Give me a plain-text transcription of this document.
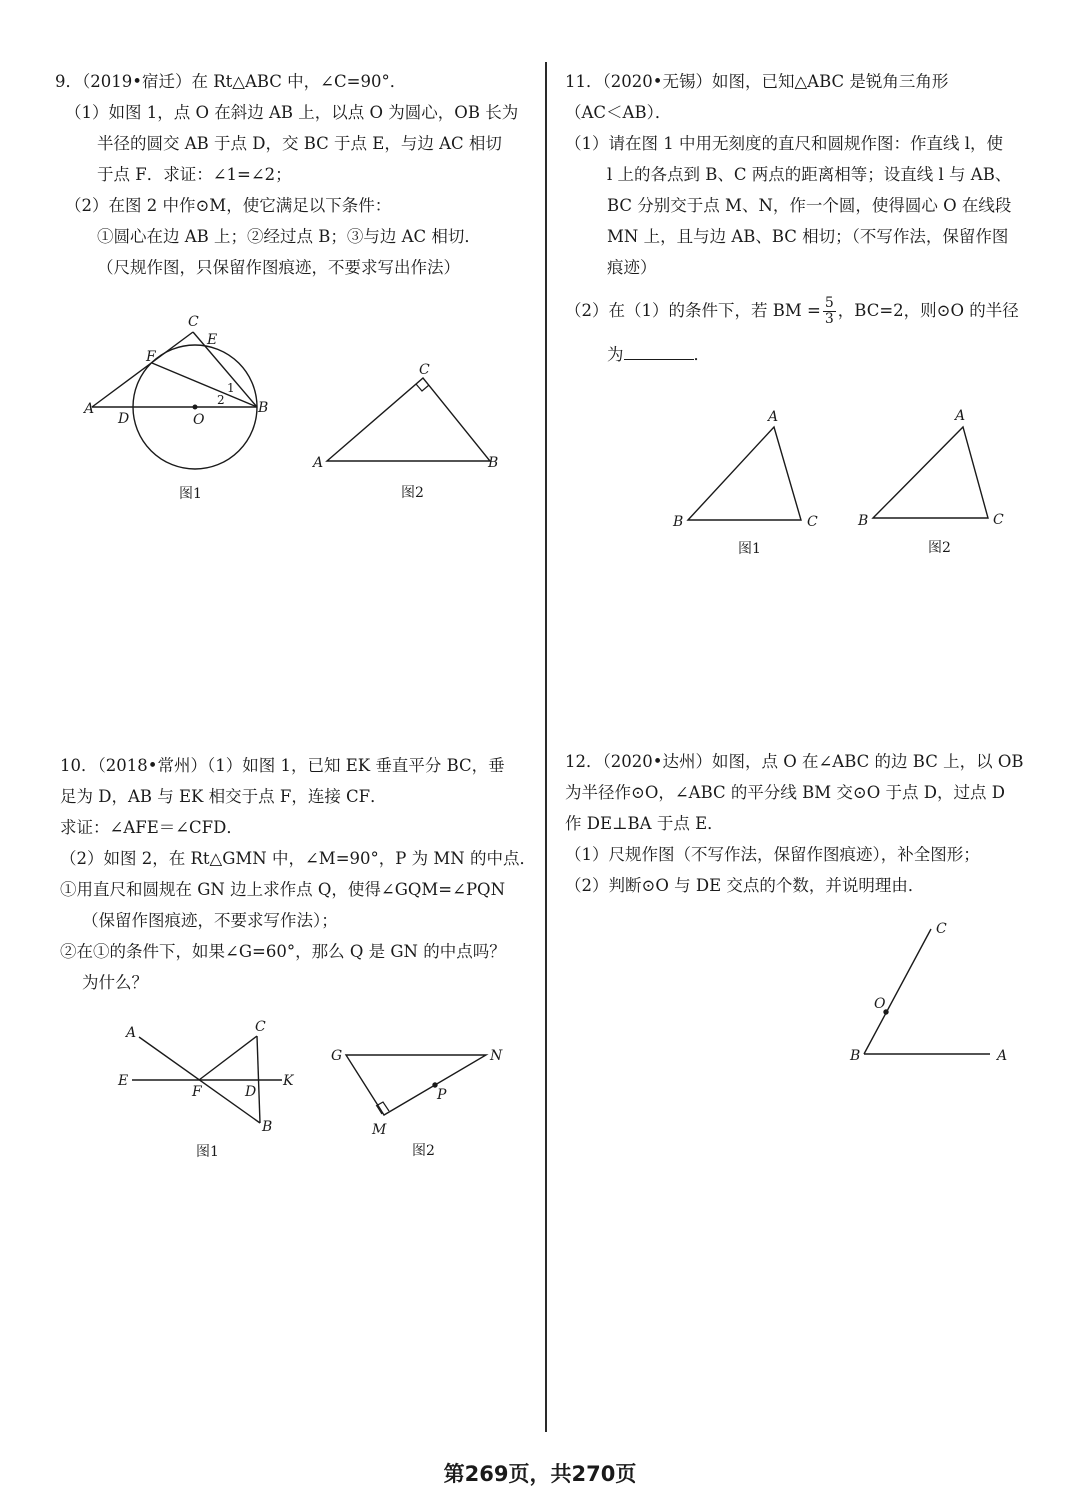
9．（2019•宿迁）在 Rt△ABC 中，∠C=90°．
（1）如图 1，点 O 在斜边 AB 上，以点 O 为圆心，OB 长为
半径的圆交 AB 于点 D，交 BC 于点 E，与边 AC 相切
于点 F．求证：∠1=∠2；
（2）在图 2 中作⊙M，使它满足以下条件：
①圆心在边 AB 上；②经过点 B；③与边 AC 相切．
（尺规作图，只保留作图痕迹，不要求写出作法）
C
E
F
1
2
A
D	O
B
图1
C
A	B
图2
11．（2020•无锡）如图，已知△ABC 是锐角三角形
（AC＜AB）．
（1）请在图 1 中用无刻度的直尺和圆规作图：作直线 l，使
l 上的各点到 B、C 两点的距离相等；设直线 l 与 AB、
BC 分别交于点 M、N，作一个圆，使得圆心 O 在线段
MN 上，且与边 AB、BC 相切；（不写作法，保留作图
痕迹）
（2）在（1）的条件下，若 BM = $\frac{5}{3}$ ，BC=2，则⊙O 的半径
为	．
A
B	C
图1
A
B	C
图2
10．（2018•常州）（1）如图 1，已知 EK 垂直平分 BC，垂
足为 D，AB 与 EK 相交于点 F，连接 CF．
求证：∠AFE＝∠CFD．
（2）如图 2，在 Rt△GMN 中，∠M=90°，P 为 MN 的中点．
①用直尺和圆规在 GN 边上求作点 Q，使得∠GQM=∠PQN
（保留作图痕迹，不要求写作法）；
②在①的条件下，如果∠G=60°，那么 Q 是 GN 的中点吗？
为什么？
A	C
E
F	D
K
B
图1
G	N
P
M
图2
12．（2020•达州）如图，点 O 在∠ABC 的边 BC 上，以 OB
为半径作⊙O，∠ABC 的平分线 BM 交⊙O 于点 D，过点 D
作 DE⊥BA 于点 E．
（1）尺规作图（不写作法，保留作图痕迹），补全图形；
（2）判断⊙O 与 DE 交点的个数，并说明理由．
C
O
B	A
第269页，共270页
